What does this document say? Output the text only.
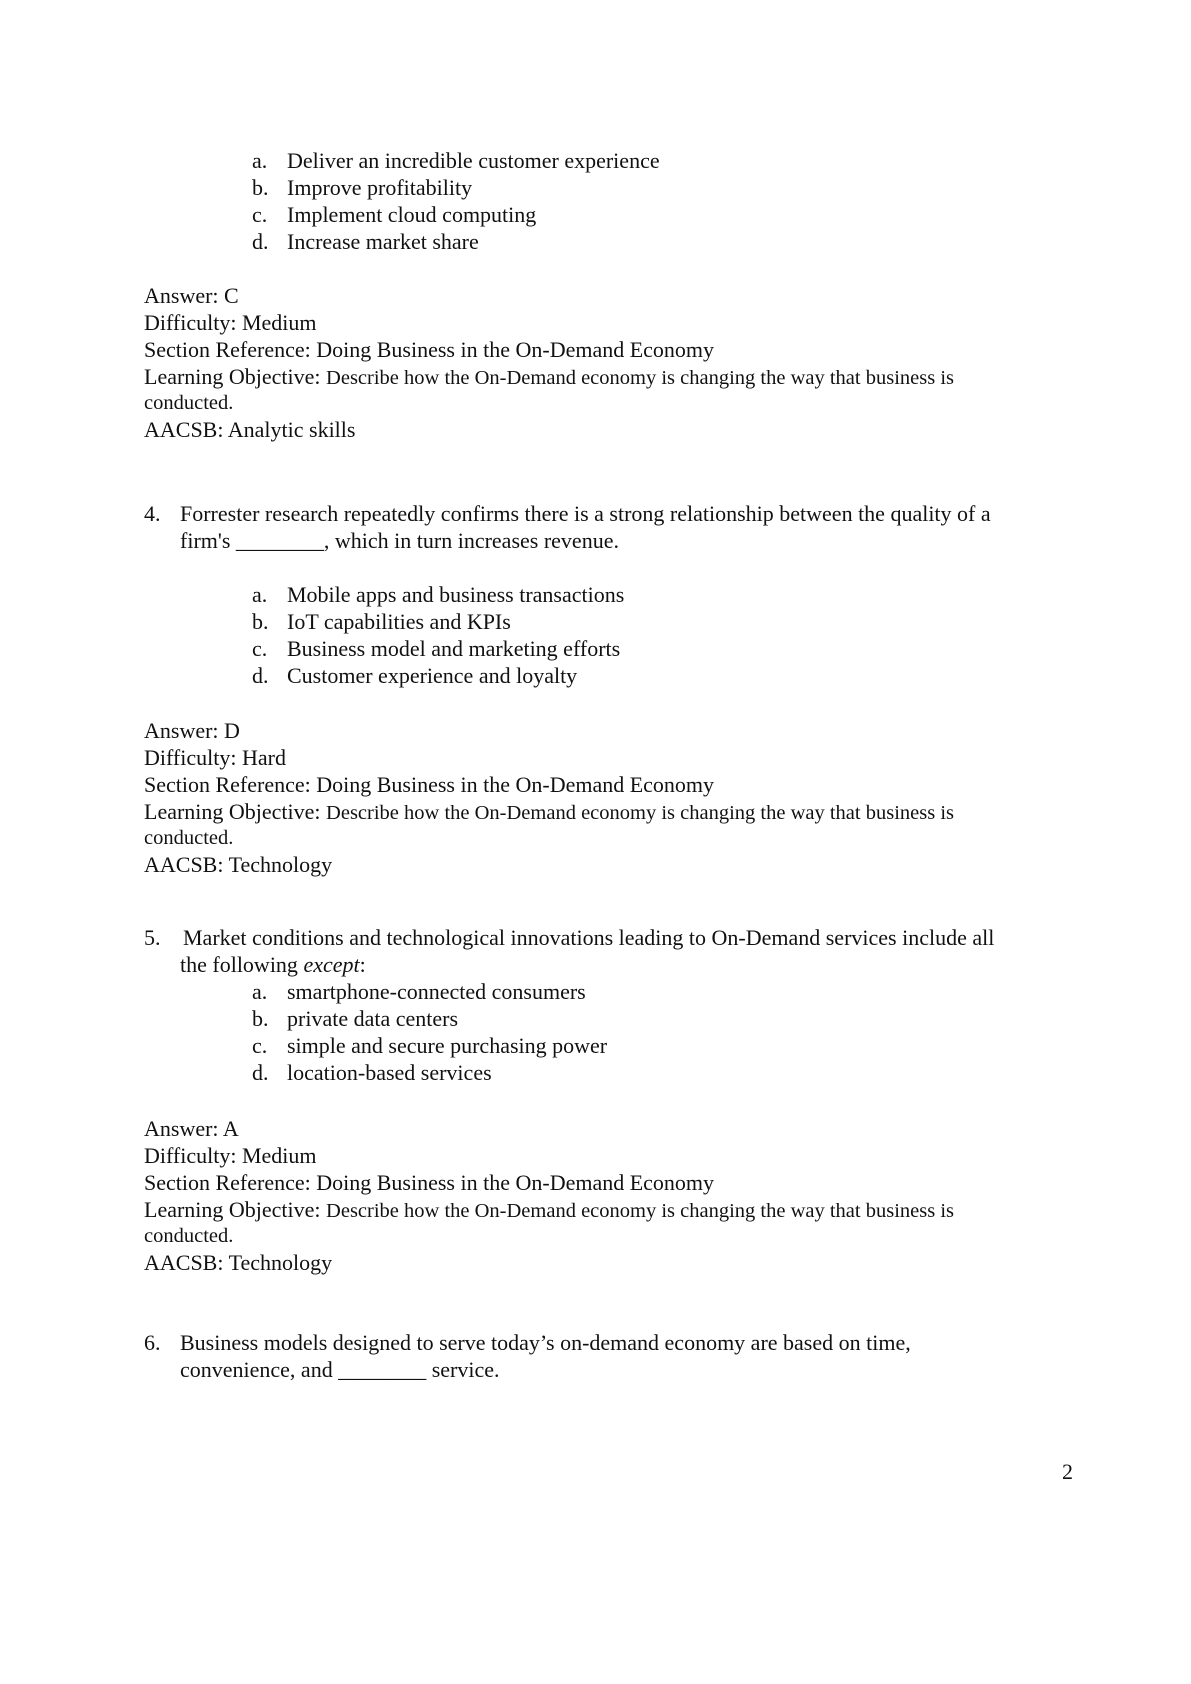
a. Deliver an incredible customer experience
b. Improve profitability
c. Implement cloud computing
d. Increase market share
Answer: C
Difficulty: Medium
Section Reference: Doing Business in the On-Demand Economy
Learning Objective: Describe how the On-Demand economy is changing the way that business is
conducted.
AACSB: Analytic skills
4. Forrester research repeatedly confirms there is a strong relationship between the quality of a
firm's ________, which in turn increases revenue.
a. Mobile apps and business transactions
b. IoT capabilities and KPIs
c. Business model and marketing efforts
d. Customer experience and loyalty
Answer: D
Difficulty: Hard
Section Reference: Doing Business in the On-Demand Economy
Learning Objective: Describe how the On-Demand economy is changing the way that business is
conducted.
AACSB: Technology
5. Market conditions and technological innovations leading to On-Demand services include all
the following except:
a. smartphone-connected consumers
b. private data centers
c. simple and secure purchasing power
d. location-based services
Answer: A
Difficulty: Medium
Section Reference: Doing Business in the On-Demand Economy
Learning Objective: Describe how the On-Demand economy is changing the way that business is
conducted.
AACSB: Technology
6. Business models designed to serve today’s on-demand economy are based on time,
convenience, and ________ service.
2
